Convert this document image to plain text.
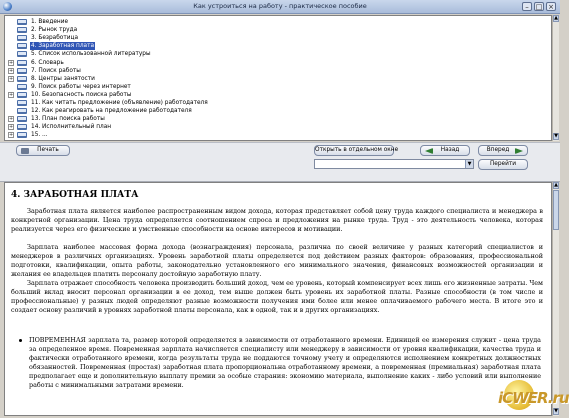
Как устроиться на работу - практическое пособие	– □ ×
1. Введение
2. Рынок труда
3. Безработица
4. Заработная плата
5. Список использованной литературы
+	6. Словарь
+	7. Поиск работы
+	8. Центры занятости
9. Поиск работы через интернет
+	10. Безопасность поиска работы
11. Как читать предложение (объявление) работодателя
12. Как реагировать на предложение работодателя
+	13. План поиска работы
+	14. Исполнительный план
+	15. ...
▲
▼
Печать	Открыть в отдельном окне	Назад	Вперед
▼	Перейти
4. ЗАРАБОТНАЯ ПЛАТА
Заработная плата является наиболее распространенным видом дохода, которая представляет собой цену труда каждого специалиста и менеджера в конкретной организации. Цена труда определяется соотношением спроса и предложения на рынке труда. Труд - это деятельность человека, которая реализуется через его физические и умственные способности на основе интересов и мотивации.
Зарплата наиболее массовая форма дохода (вознаграждения) персонала, различна по своей величине у разных категорий специалистов и менеджеров в различных организациях. Уровень заработной платы определяется под действием разных факторов: образования, профессиональной подготовки, квалификации, опыта работы, законодательно установленного его минимального значения, финансовых возможностей организации и желания ее владельцев платить персоналу достойную заработную плату.
Зарплата отражает способность человека производить больший доход, чем ее уровень, который компенсирует всех лишь его жизненные затраты. Чем больший вклад вносит персонал организации в ее доход, тем выше должен быть уровень их заработной платы. Разные способности (в том числе и профессиональные) у разных людей определяют разные возможности получения ими более или менее оплачиваемого рабочего места. В итоге это и создает основу различий в уровнях заработной платы персонала, как в одной, так и в других организациях.
ПОВРЕМЕННАЯ зарплата та, размер которой определяется в зависимости от отработанного времени. Единицей ее измерения служит - цена труда за определенное время. Повременная зарплата начисляется специалисту или менеджеру в зависимости от уровня квалификации, качества труда и фактически отработанного времени, когда результаты труда не поддаются точному учету и определяются исполнением конкретных должностных обязанностей. Повременная (простая) заработная плата пропорциональна отработанному времени, а повременная (премиальная) заработная плата предполагает еще и дополнительную выплату премии за особые старания: экономию материала, выполнение каких - либо условий или выполнение работы с минимальными затратами времени.
▲
▼
iCWER.ru
